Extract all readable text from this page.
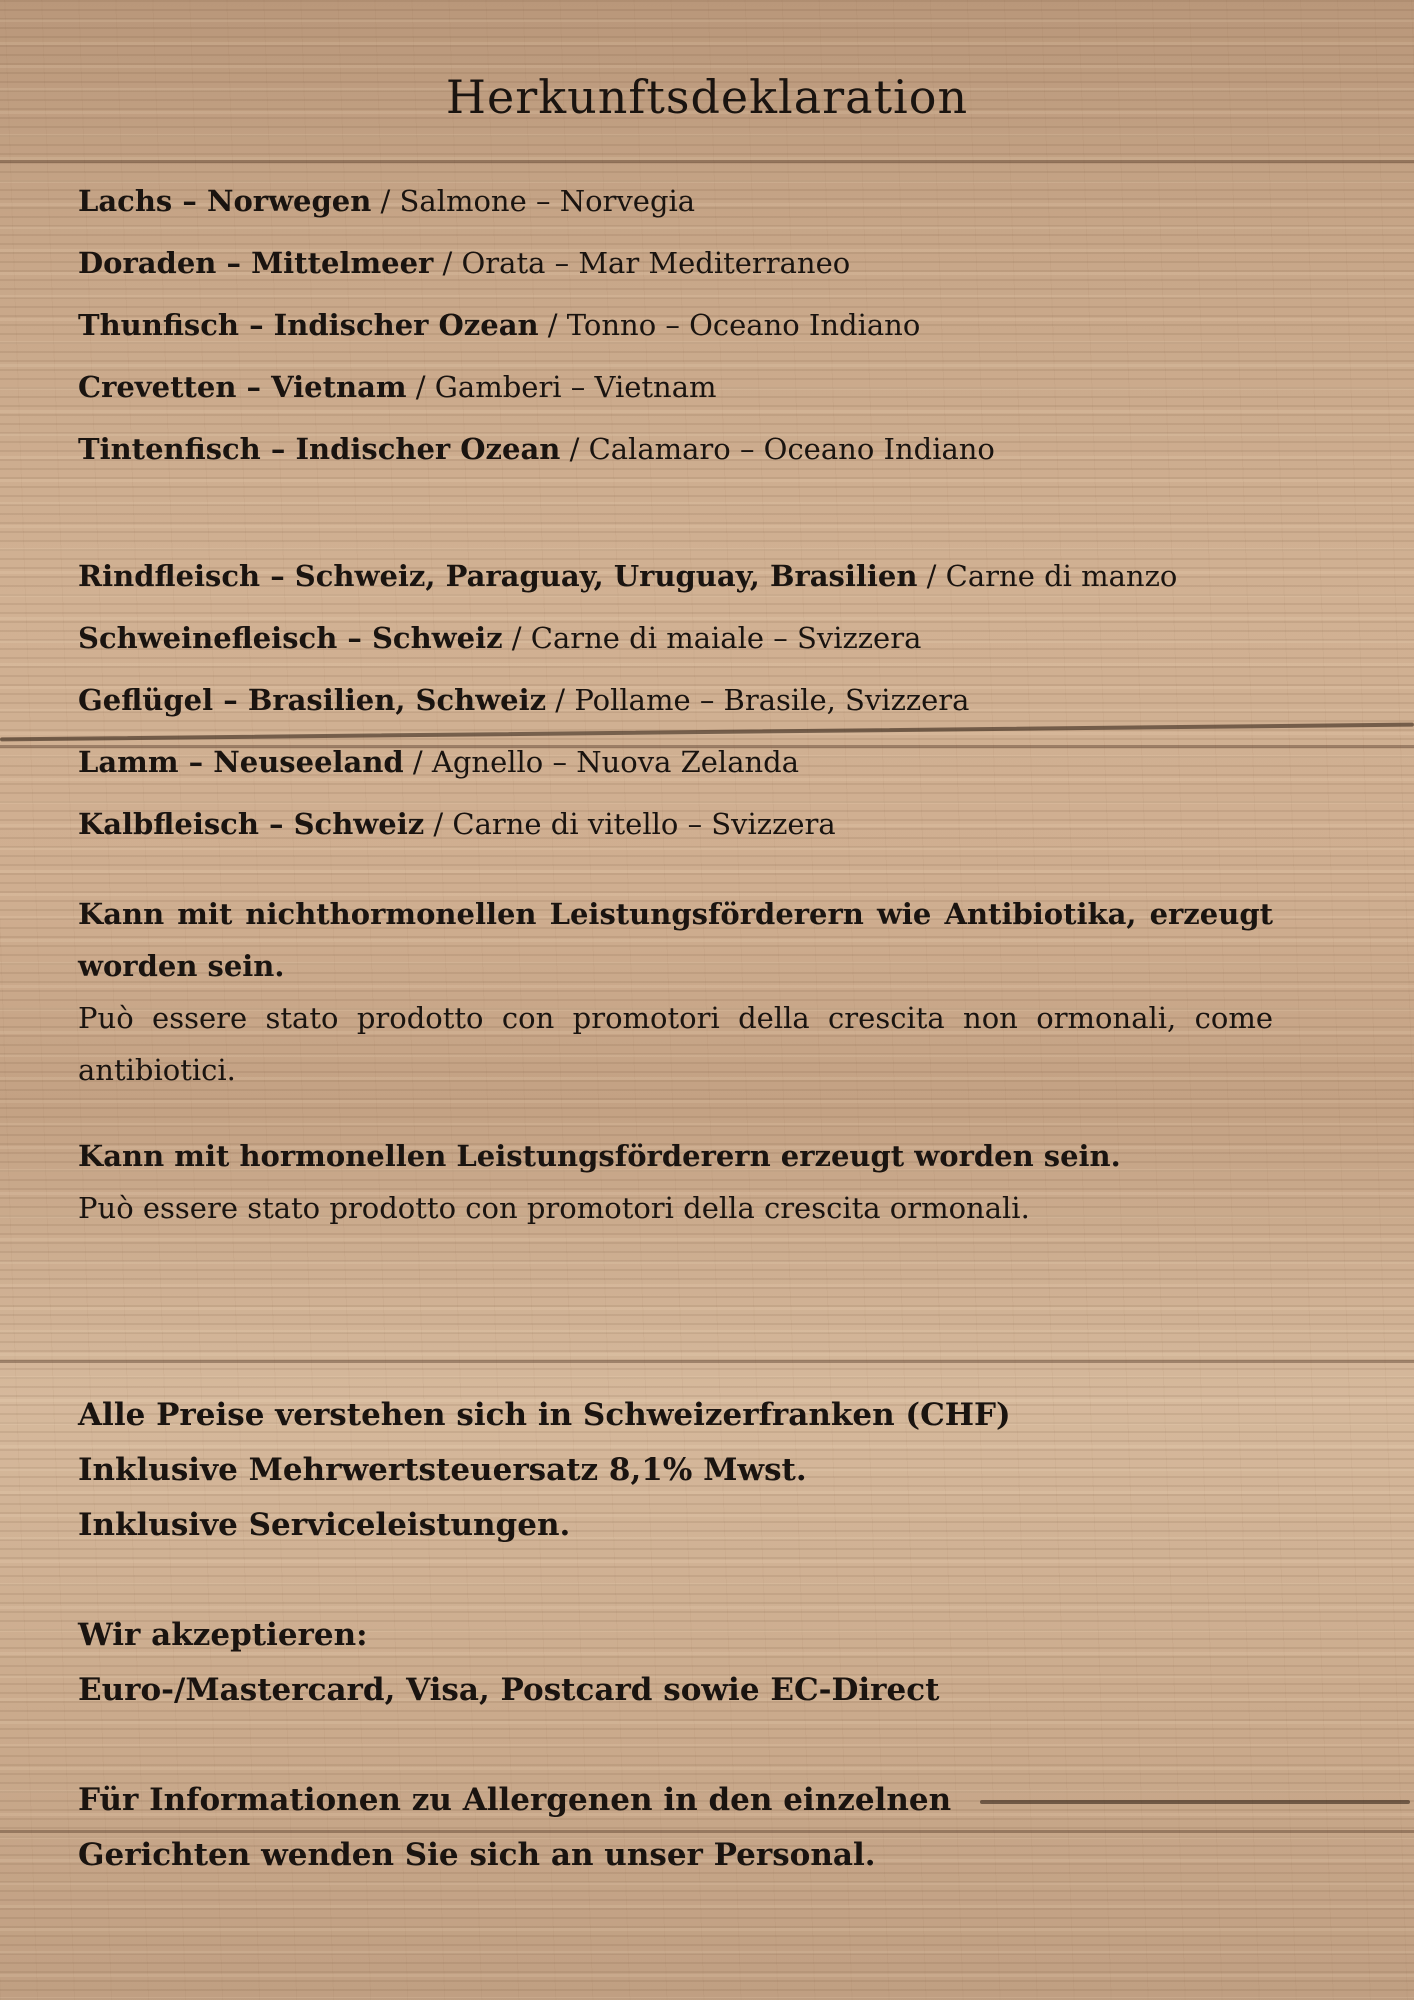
Herkunftsdeklaration
Lachs – Norwegen / Salmone – Norvegia
Doraden – Mittelmeer / Orata – Mar Mediterraneo
Thunfisch – Indischer Ozean / Tonno – Oceano Indiano
Crevetten – Vietnam / Gamberi – Vietnam
Tintenfisch – Indischer Ozean / Calamaro – Oceano Indiano
Rindfleisch – Schweiz, Paraguay, Uruguay, Brasilien / Carne di manzo
Schweinefleisch – Schweiz / Carne di maiale – Svizzera
Geflügel – Brasilien, Schweiz / Pollame – Brasile, Svizzera
Lamm – Neuseeland / Agnello – Nuova Zelanda
Kalbfleisch – Schweiz / Carne di vitello – Svizzera
Kann mit nichthormonellen Leistungsförderern wie Antibiotika, erzeugt worden sein.
Può essere stato prodotto con promotori della crescita non ormonali, come antibiotici.
Kann mit hormonellen Leistungsförderern erzeugt worden sein.
Può essere stato prodotto con promotori della crescita ormonali.

Alle Preise verstehen sich in Schweizerfranken (CHF)

Inklusive Mehrwertsteuersatz 8,1% Mwst.

Inklusive Serviceleistungen.

Wir akzeptieren:

Euro-/Mastercard, Visa, Postcard sowie EC-Direct

Für Informationen zu Allergenen in den einzelnen

Gerichten wenden Sie sich an unser Personal.
